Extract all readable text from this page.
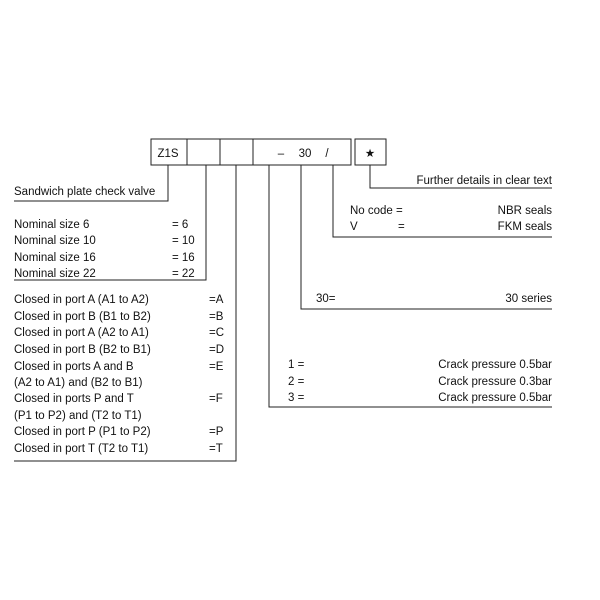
Z1S	– 30 /	★
Further details in clear text
No code =	NBR seals
V	=	FKM seals
30=	30 series
1 =	Crack pressure 0.5bar
2 =	Crack pressure 0.3bar
3 =	Crack pressure 0.5bar
Sandwich plate check valve
Nominal size 6	= 6
Nominal size 10	= 10
Nominal size 16	= 16
Nominal size 22	= 22
Closed in port A (A1 to A2)	=A
Closed in port B (B1 to B2)	=B
Closed in port A (A2 to A1)	=C
Closed in port B (B2 to B1)	=D
Closed in ports A and B	=E
(A2 to A1) and (B2 to B1)
Closed in ports P and T	=F
(P1 to P2) and (T2 to T1)
Closed in port P (P1 to P2)	=P
Closed in port T (T2 to T1)	=T
